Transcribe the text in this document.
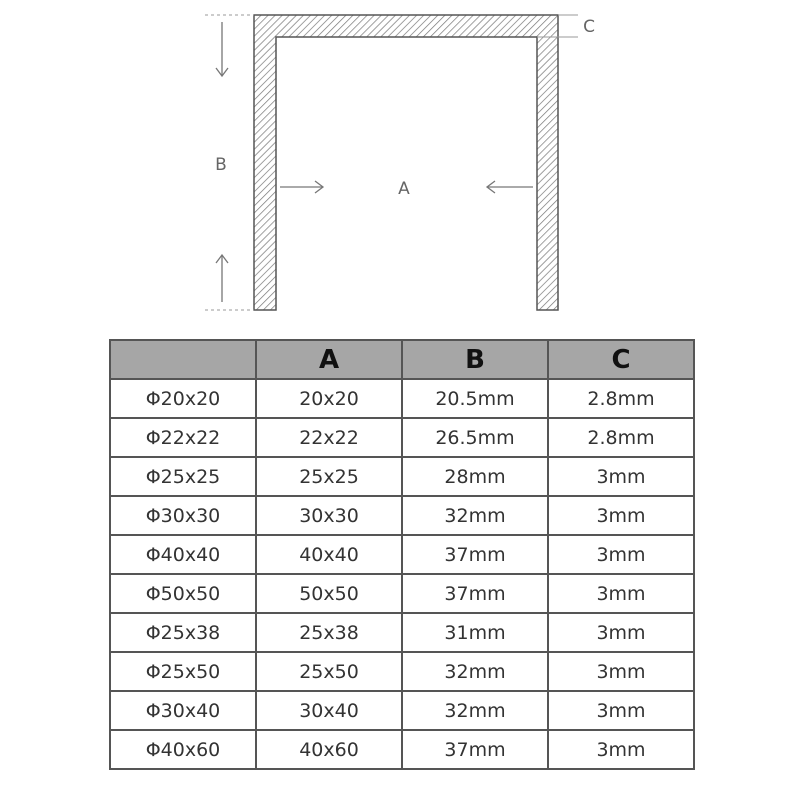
B
A
C
	A	B	C
Φ20x20	20x20	20.5mm	2.8mm
Φ22x22	22x22	26.5mm	2.8mm
Φ25x25	25x25	28mm	3mm
Φ30x30	30x30	32mm	3mm
Φ40x40	40x40	37mm	3mm
Φ50x50	50x50	37mm	3mm
Φ25x38	25x38	31mm	3mm
Φ25x50	25x50	32mm	3mm
Φ30x40	30x40	32mm	3mm
Φ40x60	40x60	37mm	3mm
